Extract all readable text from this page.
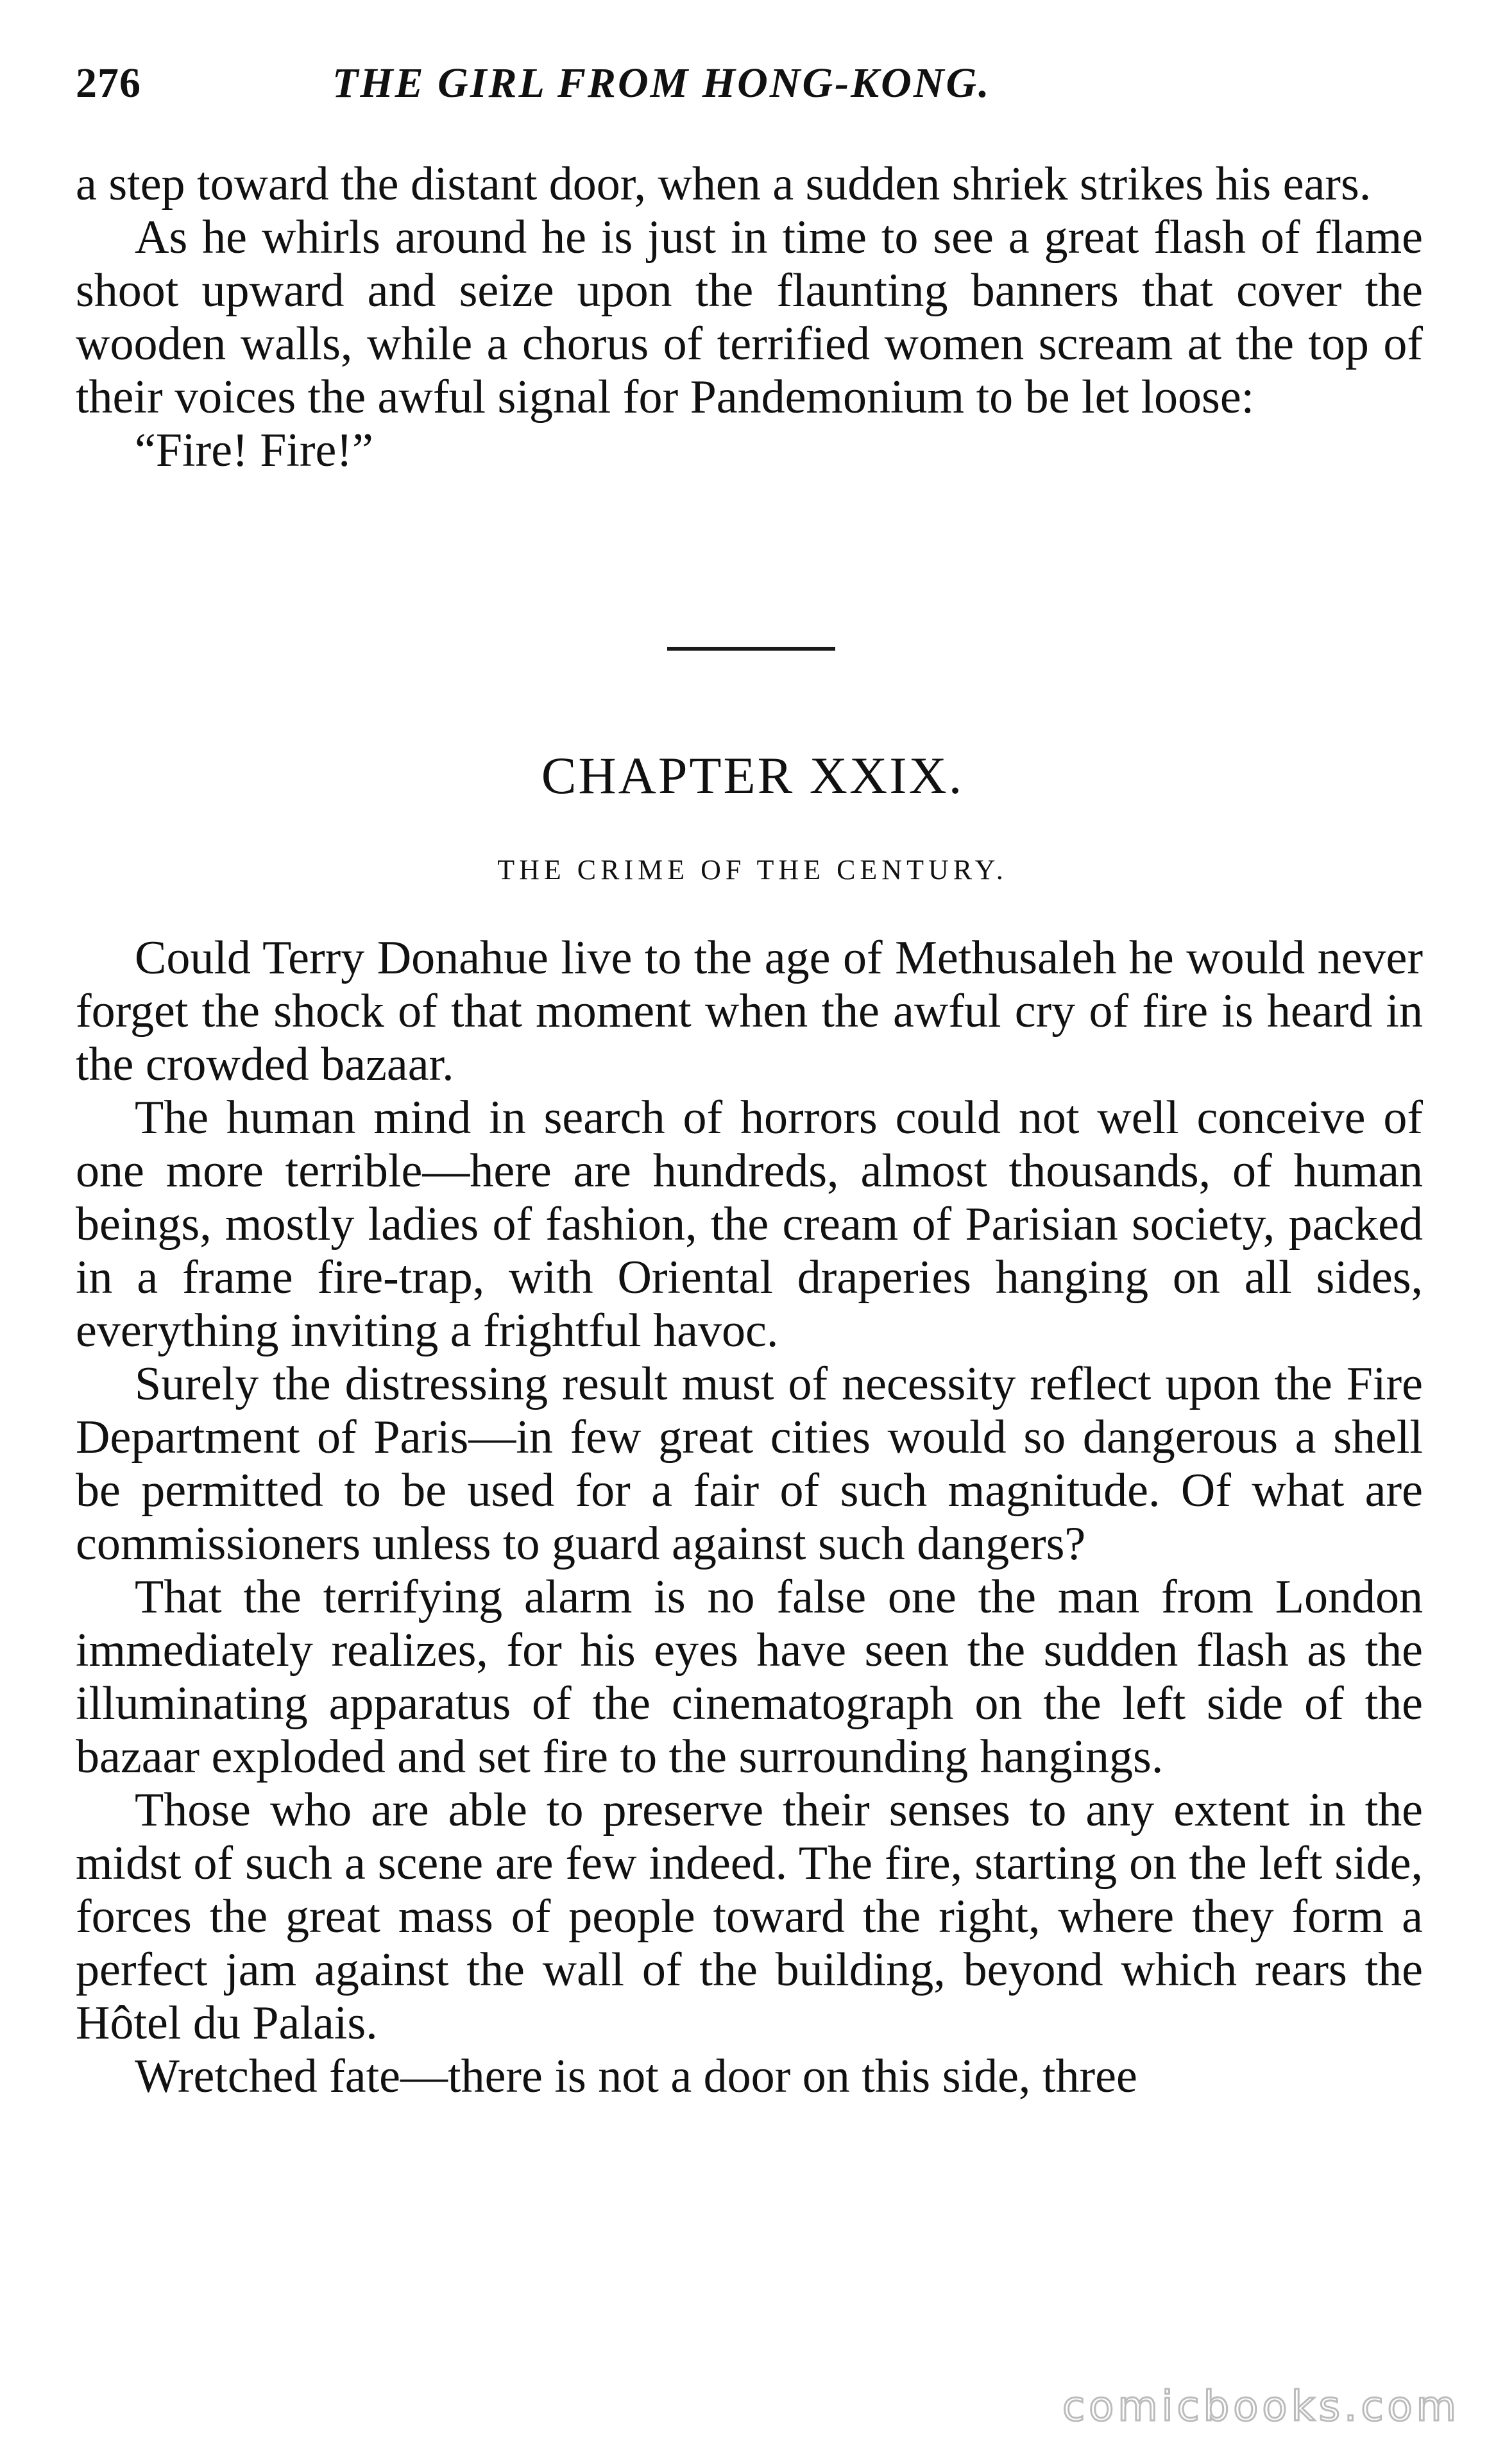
276	THE GIRL FROM HONG-KONG.

a step toward the distant door, when a sudden shriek strikes his ears.

As he whirls around he is just in time to see a great flash of flame shoot upward and seize upon the flaunting banners that cover the wooden walls, while a chorus of terrified women scream at the top of their voices the awful signal for Pandemonium to be let loose:

“Fire! Fire!”

CHAPTER XXIX.
THE CRIME OF THE CENTURY.

Could Terry Donahue live to the age of Methusaleh he would never forget the shock of that moment when the awful cry of fire is heard in the crowded bazaar.

The human mind in search of horrors could not well conceive of one more terrible—here are hundreds, almost thousands, of human beings, mostly ladies of fashion, the cream of Parisian society, packed in a frame fire-trap, with Oriental draperies hanging on all sides, everything inviting a frightful havoc.

Surely the distressing result must of necessity reflect upon the Fire Department of Paris—in few great cities would so dangerous a shell be permitted to be used for a fair of such magnitude. Of what are commissioners unless to guard against such dangers?

That the terrifying alarm is no false one the man from London immediately realizes, for his eyes have seen the sudden flash as the illuminating apparatus of the cinematograph on the left side of the bazaar exploded and set fire to the surrounding hangings.

Those who are able to preserve their senses to any extent in the midst of such a scene are few indeed. The fire, starting on the left side, forces the great mass of people toward the right, where they form a perfect jam against the wall of the building, beyond which rears the Hôtel du Palais.

Wretched fate—there is not a door on this side, three

comicbooks.com
